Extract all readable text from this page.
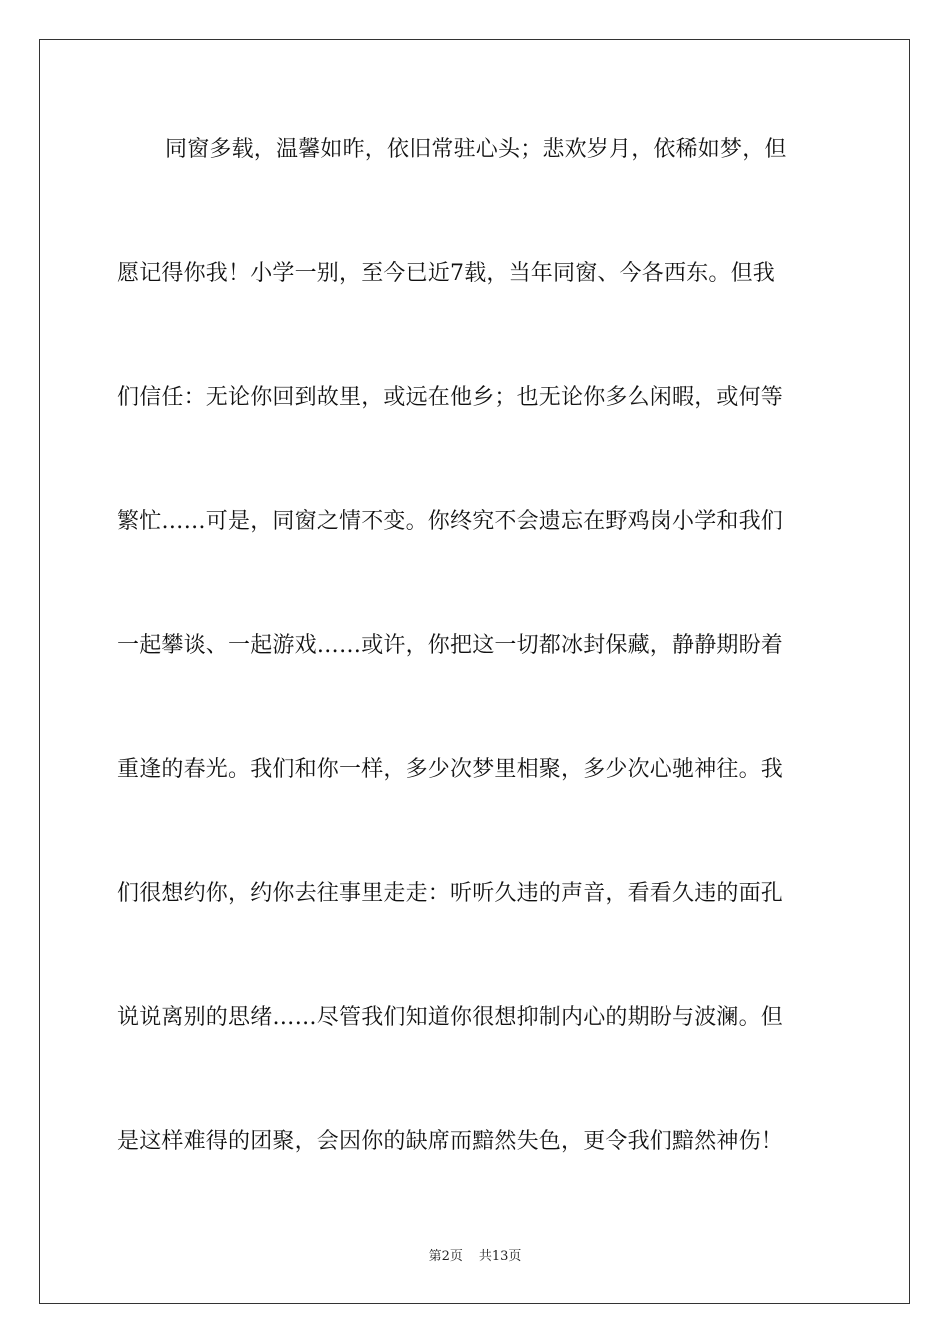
同窗多载，温馨如昨，依旧常驻心头；悲欢岁月，依稀如梦，但
愿记得你我！小学一别，至今已近7载，当年同窗、今各西东。但我
们信任：无论你回到故里，或远在他乡；也无论你多么闲暇，或何等
繁忙……可是，同窗之情不变。你终究不会遗忘在野鸡岗小学和我们
一起攀谈、一起游戏……或许，你把这一切都冰封保藏，静静期盼着
重逢的春光。我们和你一样，多少次梦里相聚，多少次心驰神往。我
们很想约你，约你去往事里走走：听听久违的声音，看看久违的面孔
说说离别的思绪……尽管我们知道你很想抑制内心的期盼与波澜。但
是这样难得的团聚，会因你的缺席而黯然失色，更令我们黯然神伤！
第2页 共13页
